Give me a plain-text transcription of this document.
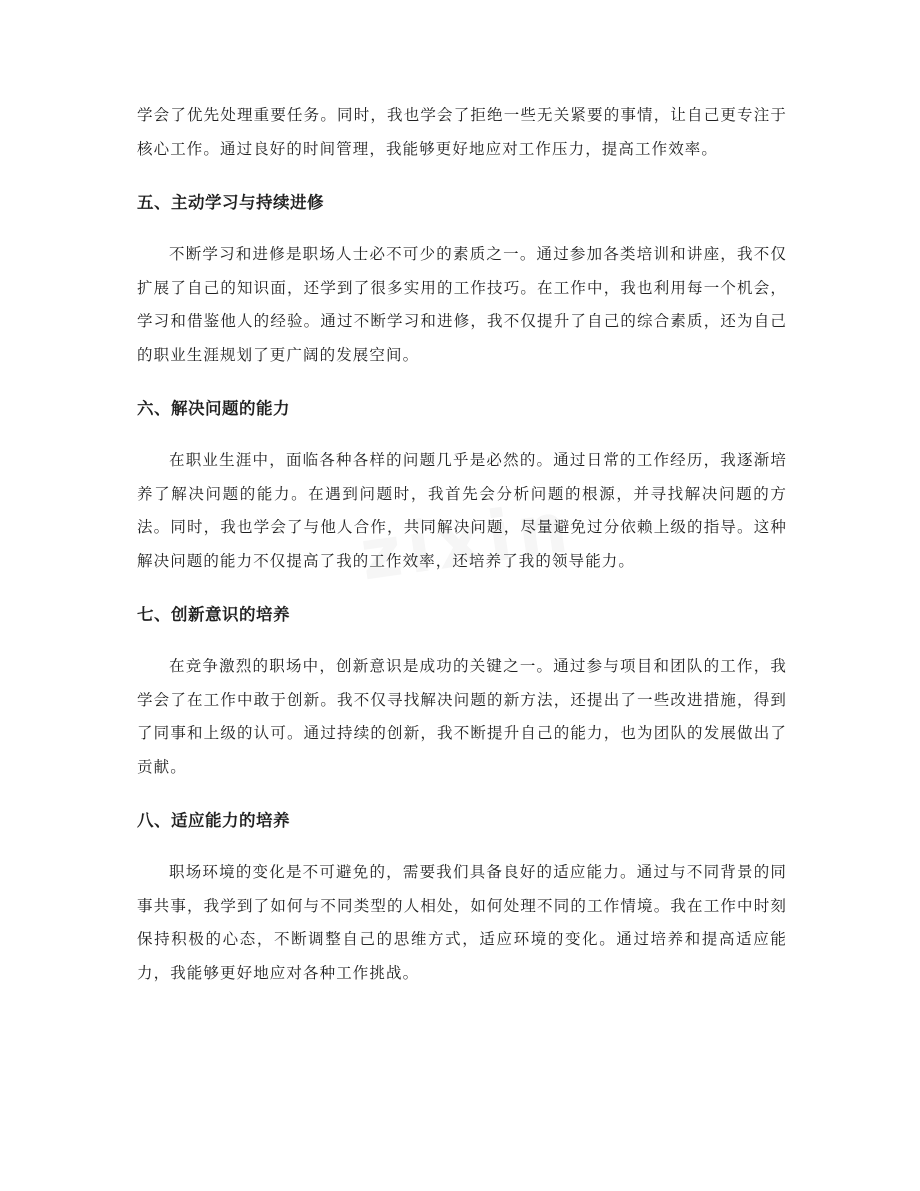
学会了优先处理重要任务。同时，我也学会了拒绝一些无关紧要的事情，让自己更专注于核心工作。通过良好的时间管理，我能够更好地应对工作压力，提高工作效率。

五、主动学习与持续进修

不断学习和进修是职场人士必不可少的素质之一。通过参加各类培训和讲座，我不仅扩展了自己的知识面，还学到了很多实用的工作技巧。在工作中，我也利用每一个机会，学习和借鉴他人的经验。通过不断学习和进修，我不仅提升了自己的综合素质，还为自己的职业生涯规划了更广阔的发展空间。

六、解决问题的能力

在职业生涯中，面临各种各样的问题几乎是必然的。通过日常的工作经历，我逐渐培养了解决问题的能力。在遇到问题时，我首先会分析问题的根源，并寻找解决问题的方法。同时，我也学会了与他人合作，共同解决问题，尽量避免过分依赖上级的指导。这种解决问题的能力不仅提高了我的工作效率，还培养了我的领导能力。

七、创新意识的培养

在竞争激烈的职场中，创新意识是成功的关键之一。通过参与项目和团队的工作，我学会了在工作中敢于创新。我不仅寻找解决问题的新方法，还提出了一些改进措施，得到了同事和上级的认可。通过持续的创新，我不断提升自己的能力，也为团队的发展做出了贡献。

八、适应能力的培养

职场环境的变化是不可避免的，需要我们具备良好的适应能力。通过与不同背景的同事共事，我学到了如何与不同类型的人相处，如何处理不同的工作情境。我在工作中时刻保持积极的心态，不断调整自己的思维方式，适应环境的变化。通过培养和提高适应能力，我能够更好地应对各种工作挑战。
